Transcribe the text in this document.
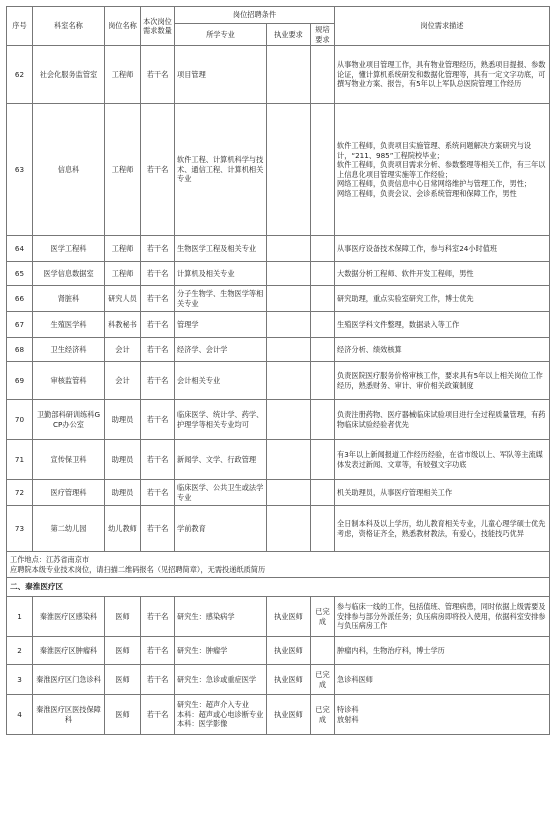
序号	科室名称	岗位名称	本次岗位需求数量	岗位招聘条件			岗位需求描述
				所学专业	执业要求	规培要求	
62	社会化服务监管室	工程师	若干名	项目管理			从事物业项目管理工作，具有物业管理经历，熟悉项目提报、参数论证，懂计算机系统研发和数据化管理等，具有一定文字功底，可撰写物业方案、报告，有5年以上军队总医院管理工作经历
63	信息科	工程师	若干名	软件工程、计算机科学与技术、通信工程、计算机相关专业			软件工程师，负责项目实施管理、系统问题解决方案研究与设计，“211、985”工程院校毕业；
软件工程师，负责项目需求分析、参数整理等相关工作，有三年以上信息化项目管理实施等工作经验；
网络工程师，负责信息中心日常网络维护与管理工作，男性；
网络工程师，负责会议、会诊系统管理和保障工作，男性
64	医学工程科	工程师	若干名	生物医学工程及相关专业			从事医疗设备技术保障工作，参与科室24小时值班
65	医学信息数据室	工程师	若干名	计算机及相关专业			大数据分析工程师、软件开发工程师，男性
66	肾脏科	研究人员	若干名	分子生物学、生物医学等相关专业			研究助理，重点实验室研究工作，博士优先
67	生殖医学科	科教秘书	若干名	管理学			生殖医学科文件整理，数据录入等工作
68	卫生经济科	会计	若干名	经济学、会计学			经济分析、绩效核算
69	审核监管科	会计	若干名	会计相关专业			负责医院医疗服务价格审核工作，要求具有5年以上相关岗位工作经历，熟悉财务、审计、审价相关政策制度
70	卫勤部科研训练科GCP办公室	助理员	若干名	临床医学、统计学、药学、护理学等相关专业均可			负责注册药物、医疗器械临床试验项目进行全过程质量管理，有药物临床试验经验者优先
71	宣传保卫科	助理员	若干名	新闻学、文学、行政管理			有3年以上新闻报道工作经历经验，在省市级以上、军队等主流媒体发表过新闻、文章等，有较强文字功底
72	医疗管理科	助理员	若干名	临床医学、公共卫生或法学专业			机关助理员，从事医疗管理相关工作
73	第二幼儿园	幼儿教师	若干名	学前教育			全日制本科及以上学历，幼儿教育相关专业，儿童心理学硕士优先考虑，资格证齐全，熟悉教材教法，有爱心，技能技巧优异

工作地点：江苏省南京市
应聘院本级专业技术岗位，请扫描二维码报名（见招聘简章），无需投递纸质简历							

二、秦淮医疗区							
1	秦淮医疗区感染科	医师	若干名	研究生：感染病学	执业医师	已完成	参与临床一线的工作，包括值班、管理病患，同时依据上级需要及安排参与部分外派任务；负压病房即将投入使用，依据科室安排参与负压病房工作
2	秦淮医疗区肿瘤科	医师	若干名	研究生：肿瘤学	执业医师		肿瘤内科，生物治疗科，博士学历
3	秦淮医疗区门急诊科	医师	若干名	研究生：急诊或重症医学	执业医师	已完成	急诊科医师
4	秦淮医疗区医技保障科	医师	若干名	研究生：超声介入专业
本科：超声或心电诊断专业
本科：医学影像	执业医师	已完成	特诊科
放射科
